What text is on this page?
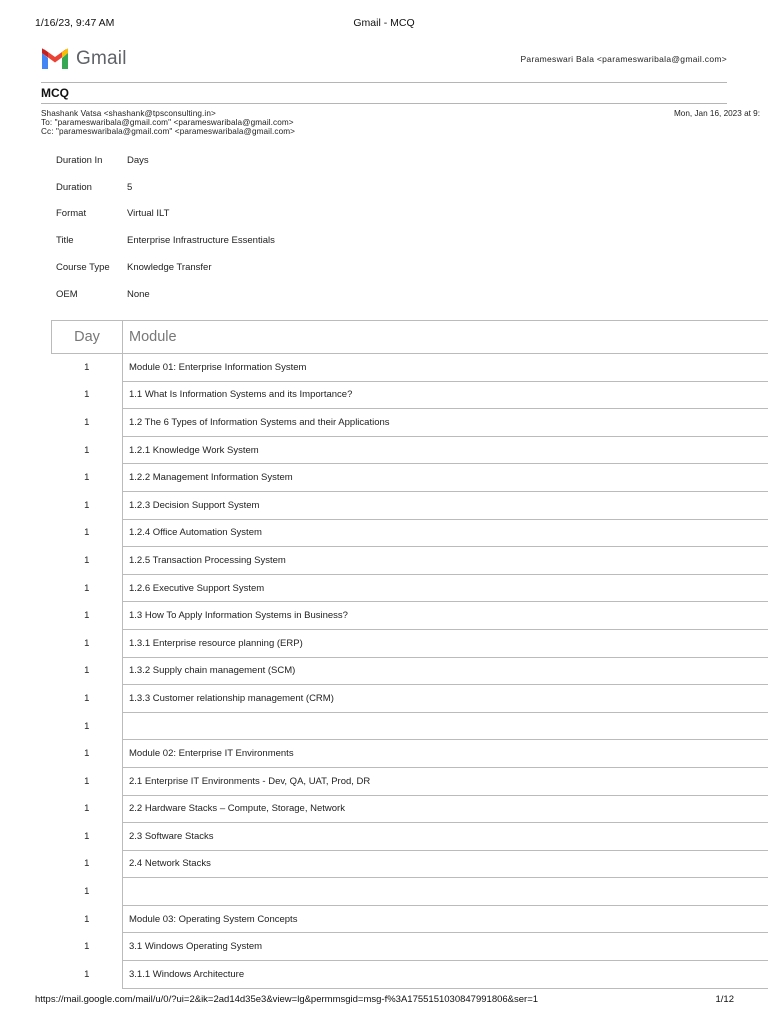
1/16/23, 9:47 AM	Gmail - MCQ
Gmail	Parameswari Bala <parameswaribala@gmail.com>
MCQ
Shashank Vatsa <shashank@tpsconsulting.in>
To: "parameswaribala@gmail.com" <parameswaribala@gmail.com>
Cc: "parameswaribala@gmail.com" <parameswaribala@gmail.com>
Mon, Jan 16, 2023 at 9:
Duration In	Days
Duration	5
Format	Virtual ILT
Title	Enterprise Infrastructure Essentials
Course Type	Knowledge Transfer
OEM	None
Day	Module
1	Module 01: Enterprise Information System
1	1.1 What Is Information Systems and its Importance?
1	1.2 The 6 Types of Information Systems and their Applications
1	1.2.1 Knowledge Work System
1	1.2.2 Management Information System
1	1.2.3 Decision Support System
1	1.2.4 Office Automation System
1	1.2.5 Transaction Processing System
1	1.2.6 Executive Support System
1	1.3 How To Apply Information Systems in Business?
1	1.3.1 Enterprise resource planning (ERP)
1	1.3.2 Supply chain management (SCM)
1	1.3.3 Customer relationship management (CRM)
1	
1	Module 02: Enterprise IT Environments
1	2.1 Enterprise IT Environments - Dev, QA, UAT, Prod, DR
1	2.2 Hardware Stacks – Compute, Storage, Network
1	2.3 Software Stacks
1	2.4 Network Stacks
1	
1	Module 03: Operating System Concepts
1	3.1 Windows Operating System
1	3.1.1 Windows Architecture
https://mail.google.com/mail/u/0/?ui=2&ik=2ad14d35e3&view=lg&permmsgid=msg-f%3A1755151030847991806&ser=1	1/12
